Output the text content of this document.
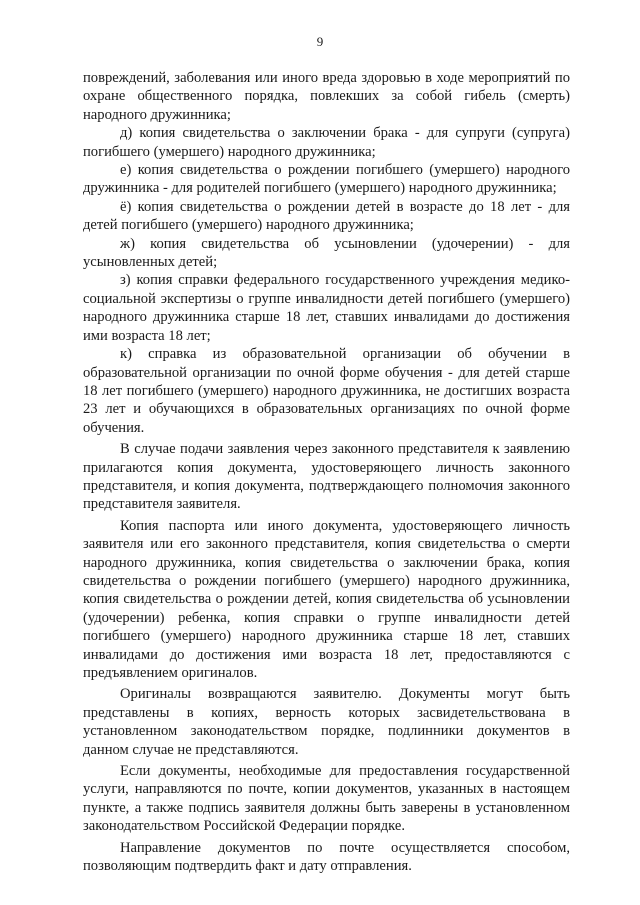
9

повреждений, заболевания или иного вреда здоровью в ходе мероприятий по охране общественного порядка, повлекших за собой гибель (смерть) народного дружинника;

д) копия свидетельства о заключении брака - для супруги (супруга) погибшего (умершего) народного дружинника;

е) копия свидетельства о рождении погибшего (умершего) народного дружинника - для родителей погибшего (умершего) народного дружинника;

ё) копия свидетельства о рождении детей в возрасте до 18 лет - для детей погибшего (умершего) народного дружинника;

ж) копия свидетельства об усыновлении (удочерении) - для усыновленных детей;

з) копия справки федерального государственного учреждения медико-социальной экспертизы о группе инвалидности детей погибшего (умершего) народного дружинника старше 18 лет, ставших инвалидами до достижения ими возраста 18 лет;

к) справка из образовательной организации об обучении в образовательной организации по очной форме обучения - для детей старше 18 лет погибшего (умершего) народного дружинника, не достигших возраста 23 лет и обучающихся в образовательных организациях по очной форме обучения.

В случае подачи заявления через законного представителя к заявлению прилагаются копия документа, удостоверяющего личность законного представителя, и копия документа, подтверждающего полномочия законного представителя заявителя.

Копия паспорта или иного документа, удостоверяющего личность заявителя или его законного представителя, копия свидетельства о смерти народного дружинника, копия свидетельства о заключении брака, копия свидетельства о рождении погибшего (умершего) народного дружинника, копия свидетельства о рождении детей, копия свидетельства об усыновлении (удочерении) ребенка, копия справки о группе инвалидности детей погибшего (умершего) народного дружинника старше 18 лет, ставших инвалидами до достижения ими возраста 18 лет, предоставляются с предъявлением оригиналов.

Оригиналы возвращаются заявителю. Документы могут быть представлены в копиях, верность которых засвидетельствована в установленном законодательством порядке, подлинники документов в данном случае не представляются.

Если документы, необходимые для предоставления государственной услуги, направляются по почте, копии документов, указанных в настоящем пункте, а также подпись заявителя должны быть заверены в установленном законодательством Российской Федерации порядке.

Направление документов по почте осуществляется способом, позволяющим подтвердить факт и дату отправления.
